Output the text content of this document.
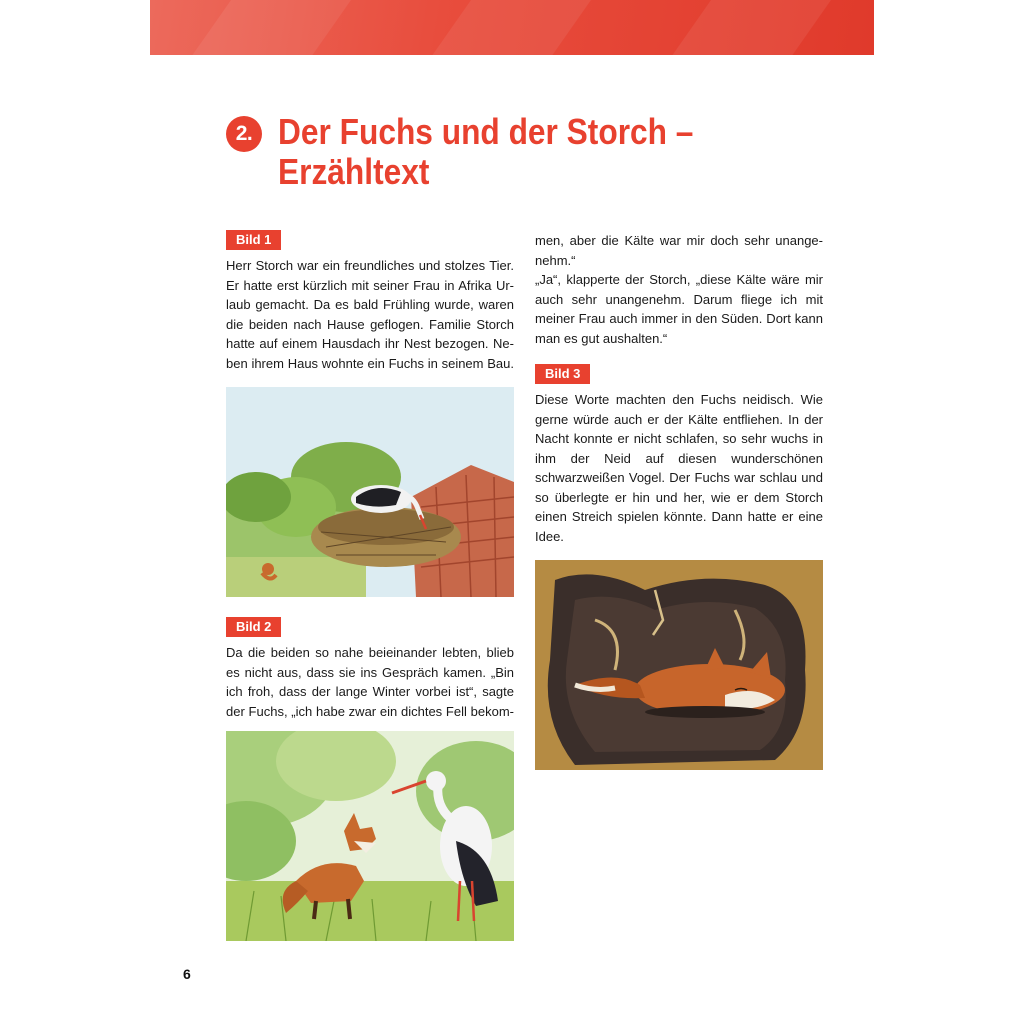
2. Der Fuchs und der Storch –
Erzähltext
Bild 1

Herr Storch war ein freundliches und stolzes Tier.
Er hatte erst kürzlich mit seiner Frau in Afrika Ur-
laub gemacht. Da es bald Frühling wurde, waren
die beiden nach Hause geflogen. Familie Storch
hatte auf einem Hausdach ihr Nest bezogen. Ne-
ben ihrem Haus wohnte ein Fuchs in seinem Bau.

Bild 2

Da die beiden so nahe beieinander lebten, blieb
es nicht aus, dass sie ins Gespräch kamen. „Bin
ich froh, dass der lange Winter vorbei ist“, sagte
der Fuchs, „ich habe zwar ein dichtes Fell bekom-

men, aber die Kälte war mir doch sehr unange-
nehm.“
„Ja“, klapperte der Storch, „diese Kälte wäre mir
auch sehr unangenehm. Darum fliege ich mit
meiner Frau auch immer in den Süden. Dort kann
man es gut aushalten.“

Bild 3

Diese Worte machten den Fuchs neidisch. Wie
gerne würde auch er der Kälte entfliehen. In der
Nacht konnte er nicht schlafen, so sehr wuchs in
ihm der Neid auf diesen wunderschönen
schwarzweißen Vogel. Der Fuchs war schlau und
so überlegte er hin und her, wie er dem Storch
einen Streich spielen könnte. Dann hatte er eine
Idee.

6
